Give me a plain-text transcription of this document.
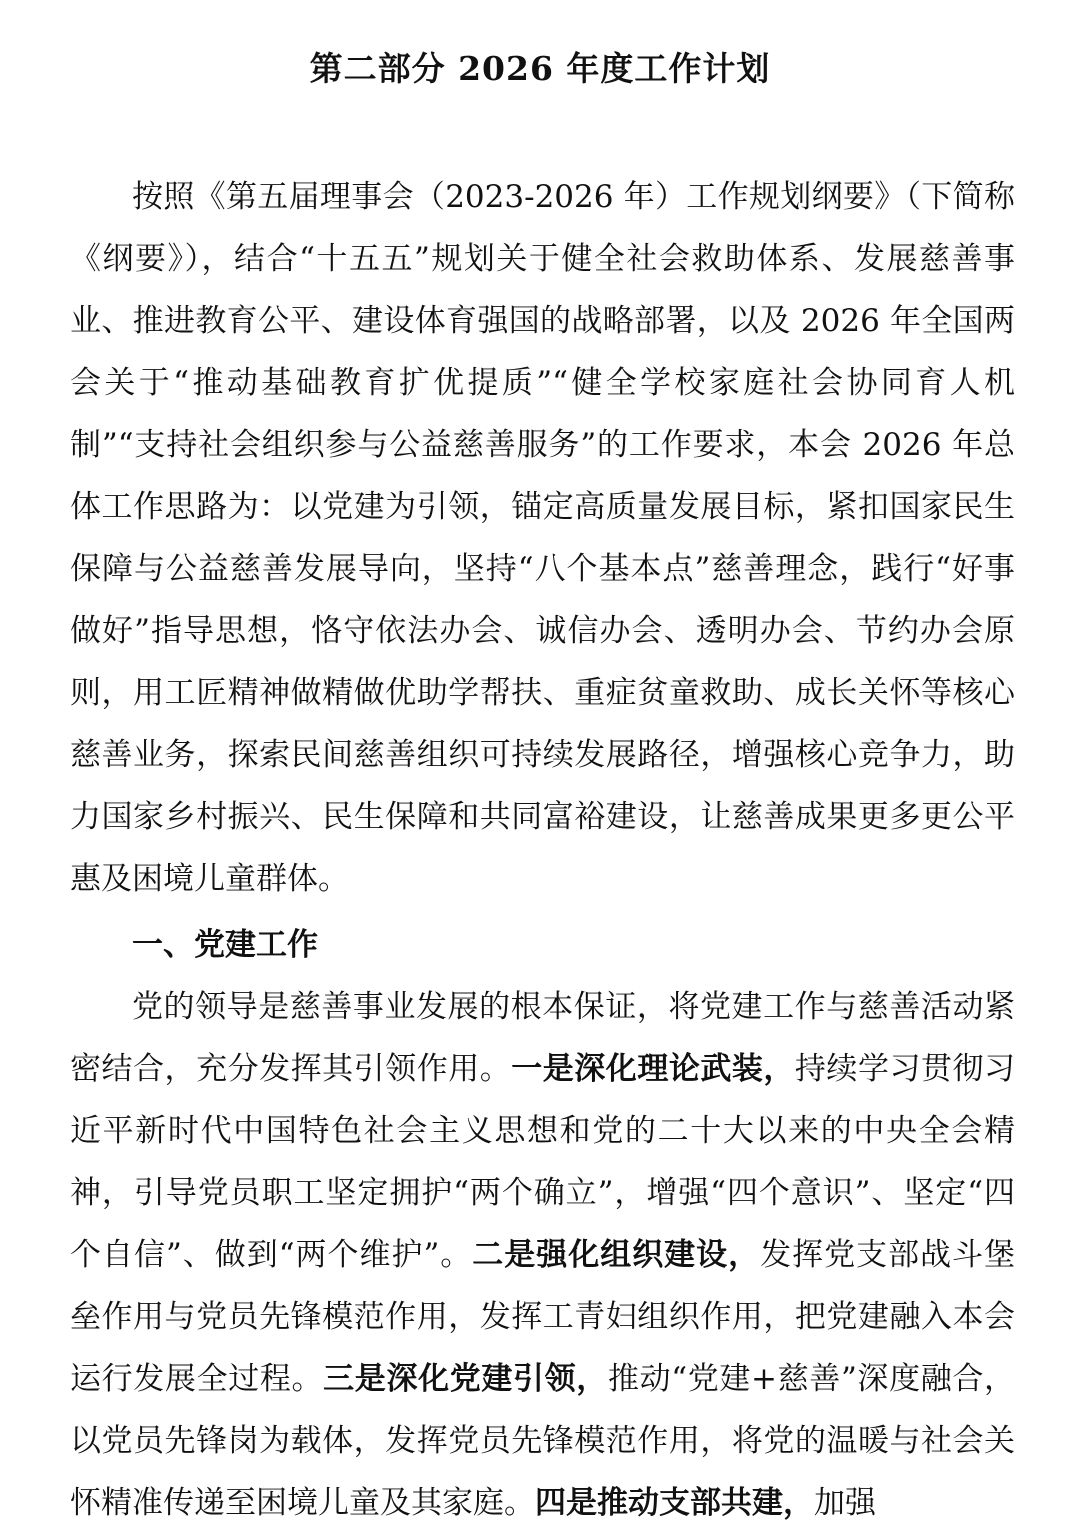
第二部分 2026 年度工作计划

按照《第五届理事会（2023-2026 年）工作规划纲要》（下简称《纲要》），结合“十五五”规划关于健全社会救助体系、发展慈善事业、推进教育公平、建设体育强国的战略部署，以及 2026 年全国两会关于“推动基础教育扩优提质”“健全学校家庭社会协同育人机制”“支持社会组织参与公益慈善服务”的工作要求，本会 2026 年总体工作思路为：以党建为引领，锚定高质量发展目标，紧扣国家民生保障与公益慈善发展导向，坚持“八个基本点”慈善理念，践行“好事做好”指导思想，恪守依法办会、诚信办会、透明办会、节约办会原则，用工匠精神做精做优助学帮扶、重症贫童救助、成长关怀等核心慈善业务，探索民间慈善组织可持续发展路径，增强核心竞争力，助力国家乡村振兴、民生保障和共同富裕建设，让慈善成果更多更公平惠及困境儿童群体。

一、党建工作

党的领导是慈善事业发展的根本保证，将党建工作与慈善活动紧密结合，充分发挥其引领作用。一是深化理论武装，持续学习贯彻习近平新时代中国特色社会主义思想和党的二十大以来的中央全会精神，引导党员职工坚定拥护“两个确立”，增强“四个意识”、坚定“四个自信”、做到“两个维护”。二是强化组织建设，发挥党支部战斗堡垒作用与党员先锋模范作用，发挥工青妇组织作用，把党建融入本会运行发展全过程。三是深化党建引领，推动“党建+慈善”深度融合，以党员先锋岗为载体，发挥党员先锋模范作用，将党的温暖与社会关怀精准传递至困境儿童及其家庭。四是推动支部共建，加强
